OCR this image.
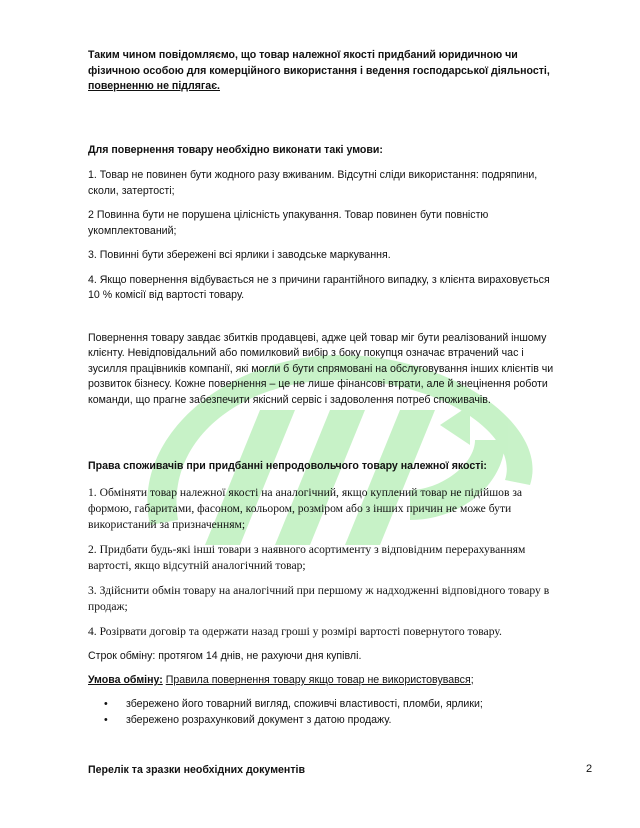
Таким чином повідомляємо, що товар належної якості придбаний юридичною чи фізичною особою для комерційного використання і ведення господарської діяльності, поверненню не підлягає.

Для повернення товару необхідно виконати такі умови:

1. Товар не повинен бути жодного разу вживаним. Відсутні сліди використання: подряпини, сколи, затертості;

2 Повинна бути не порушена цілісність упакування. Товар повинен бути повністю укомплектований;

3. Повинні бути збережені всі ярлики і заводське маркування.

4. Якщо повернення відбувається не з причини гарантійного випадку, з клієнта вираховується 10 % комісії від вартості товару.

Повернення товару завдає збитків продавцеві, адже цей товар міг бути реалізований іншому клієнту. Невідповідальний або помилковий вибір з боку покупця означає втрачений час і зусилля працівників компанії, які могли б бути спрямовані на обслуговування інших клієнтів чи розвиток бізнесу. Кожне повернення – це не лише фінансові втрати, але й знецінення роботи команди, що прагне забезпечити якісний сервіс і задоволення потреб споживачів.

Права споживачів при придбанні непродовольчого товару належної якості:

1. Обміняти товар належної якості на аналогічний, якщо куплений товар не підійшов за формою, габаритами, фасоном, кольором, розміром або з інших причин не може бути використаний за призначенням;

2. Придбати будь-які інші товари з наявного асортименту з відповідним перерахуванням вартості, якщо відсутній аналогічний товар;

3. Здійснити обмін товару на аналогічний при першому ж надходженні відповідного товару в продаж;

4. Розірвати договір та одержати назад гроші у розмірі вартості повернутого товару.

Строк обміну: протягом 14 днів, не рахуючи дня купівлі.

Умова обміну: Правила повернення товару якщо товар не використовувався;

• збережено його товарний вигляд, споживчі властивості, пломби, ярлики;
• збережено розрахунковий документ з датою продажу.

Перелік та зразки необхідних документів	2
